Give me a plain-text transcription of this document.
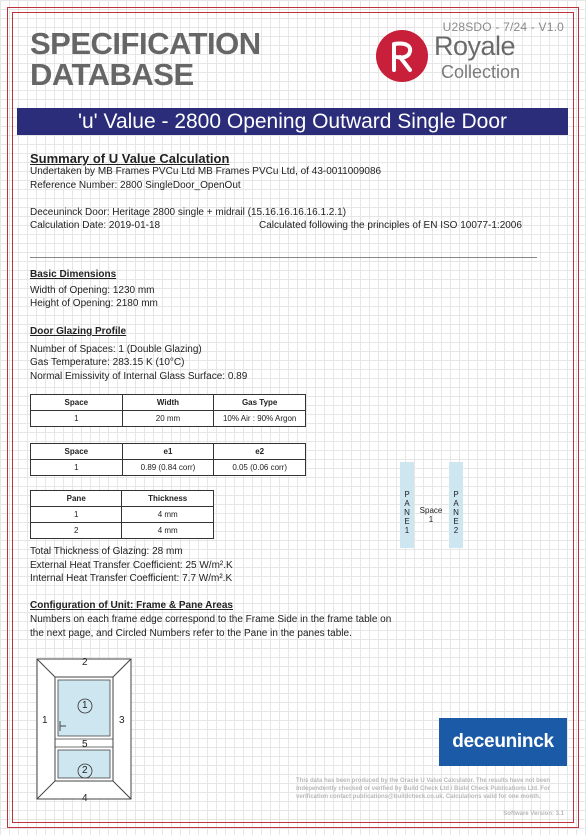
U28SDO - 7/24 - V1.0
SPECIFICATION
DATABASE
Royale
Collection
'u' Value - 2800 Opening Outward Single Door
Summary of U Value Calculation
Undertaken by MB Frames PVCu Ltd MB Frames PVCu Ltd, of 43-0011009086
Reference Number: 2800 SingleDoor_OpenOut
Deceuninck Door: Heritage 2800 single + midrail (15.16.16.16.16.1.2.1)
Calculation Date: 2019-01-18	Calculated following the principles of EN ISO 10077-1:2006
Basic Dimensions
Width of Opening: 1230 mm
Height of Opening: 2180 mm
Door Glazing Profile
Number of Spaces: 1 (Double Glazing)
Gas Temperature: 283.15 K (10°C)
Normal Emissivity of Internal Glass Surface: 0.89
Space	Width	Gas Type
1	20 mm	10% Air : 90% Argon
Space	e1	e2
1	0.89 (0.84 corr)	0.05 (0.06 corr)
Pane	Thickness
1	4 mm
2	4 mm
P
A
N
E
1
Space
1
P
A
N
E
2
Total Thickness of Glazing: 28 mm
External Heat Transfer Coefficient: 25 W/m².K
Internal Heat Transfer Coefficient: 7.7 W/m².K
Configuration of Unit: Frame & Pane Areas
Numbers on each frame edge correspond to the Frame Side in the frame table on
the next page, and Circled Numbers refer to the Pane in the panes table.
2
1	3
5
4
1
2
deceuninck
This data has been produced by the Oracle U Value Calculator. The results have not been independently checked or verified by Build Check Ltd / Build Check Publications Ltd. For verification contact publications@buildcheck.co.uk. Calculations valid for one month.
Software Version: 3.1
